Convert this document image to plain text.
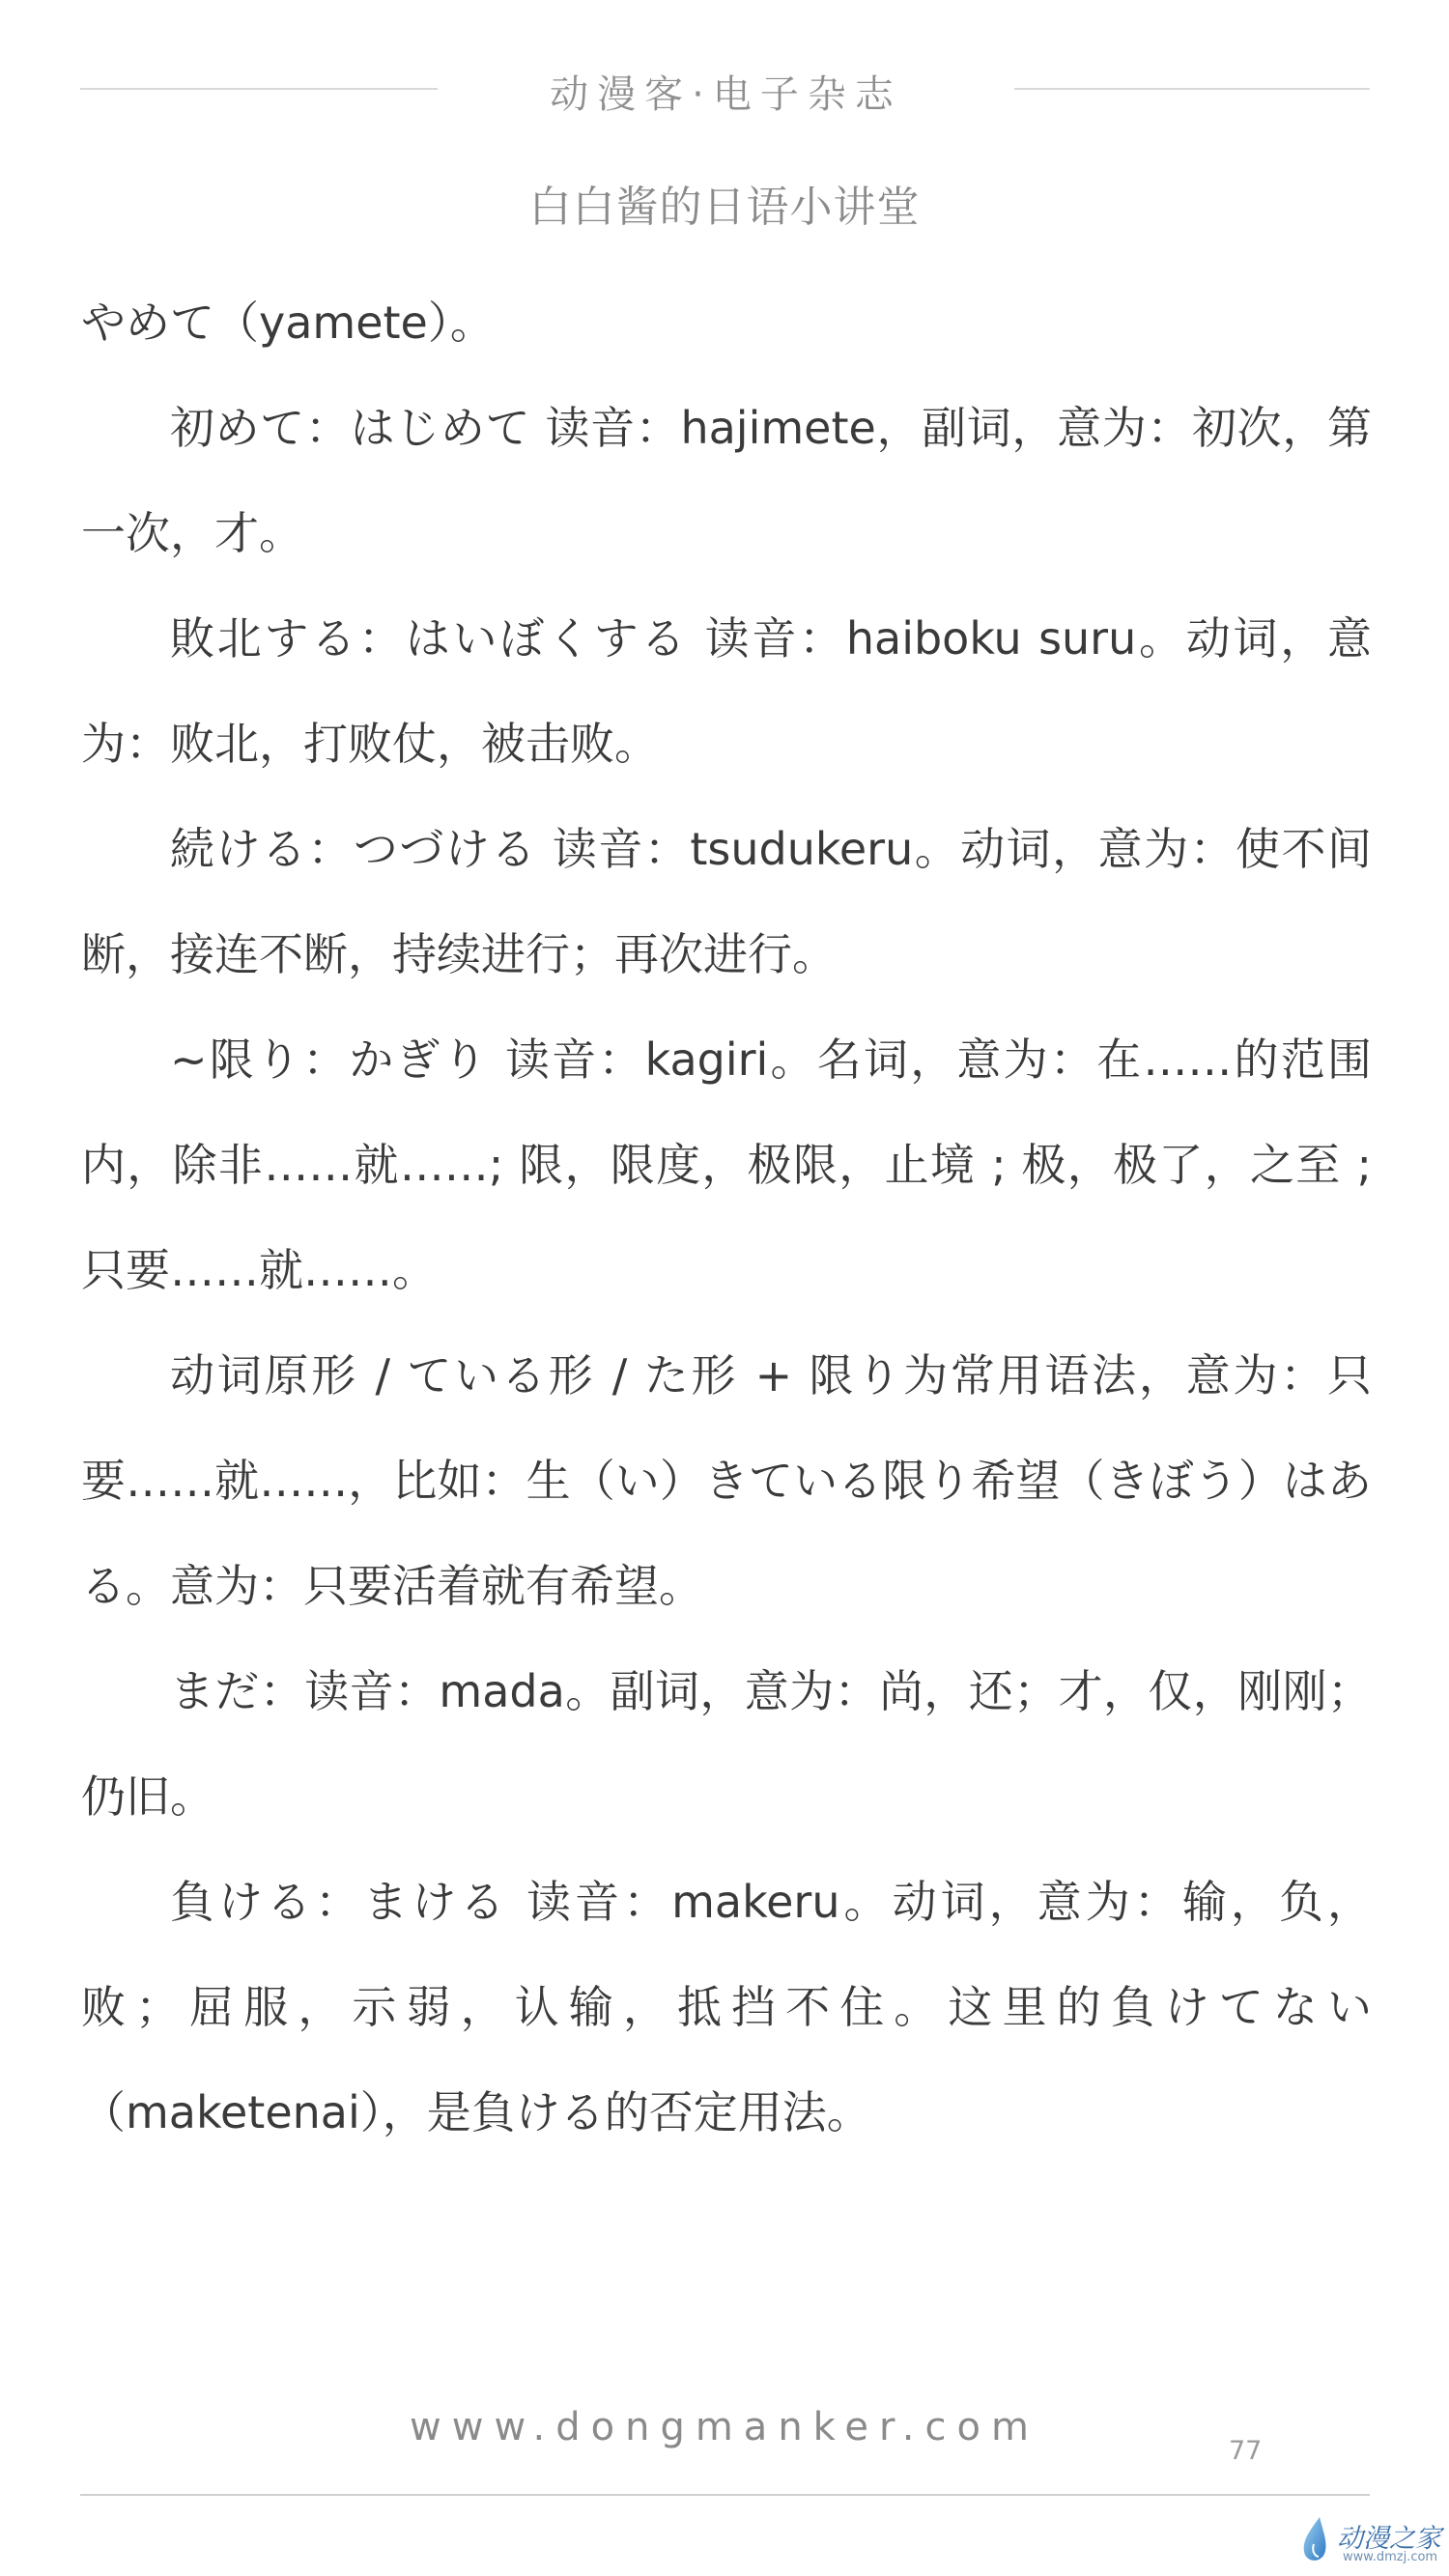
动漫客·电子杂志
白白酱的日语小讲堂

やめて（yamete）。

初めて：はじめて 读音：hajimete，副词，意为：初次，第一次，才。

敗北する：はいぼくする 读音：haiboku suru。动词，意为：败北，打败仗，被击败。

続ける：つづける 读音：tsudukeru。动词，意为：使不间断，接连不断，持续进行；再次进行。

~限り：かぎり 读音：kagiri。名词，意为：在……的范围内，除非……就……; 限，限度，极限，止境 ; 极，极了，之至 ; 只要……就……。

动词原形 / ている形 / た形 + 限り为常用语法，意为：只要……就……，比如：生（い）きている限り希望（きぼう）はある。意为：只要活着就有希望。

まだ：读音：mada。副词，意为：尚，还；才，仅，刚刚；仍旧。

負ける：まける 读音：makeru。动词，意为：输，负，败；屈服，示弱，认输，抵挡不住。这里的負けてない（maketenai），是負ける的否定用法。

www.dongmanker.com
77
动漫之家
www.dmzj.com
